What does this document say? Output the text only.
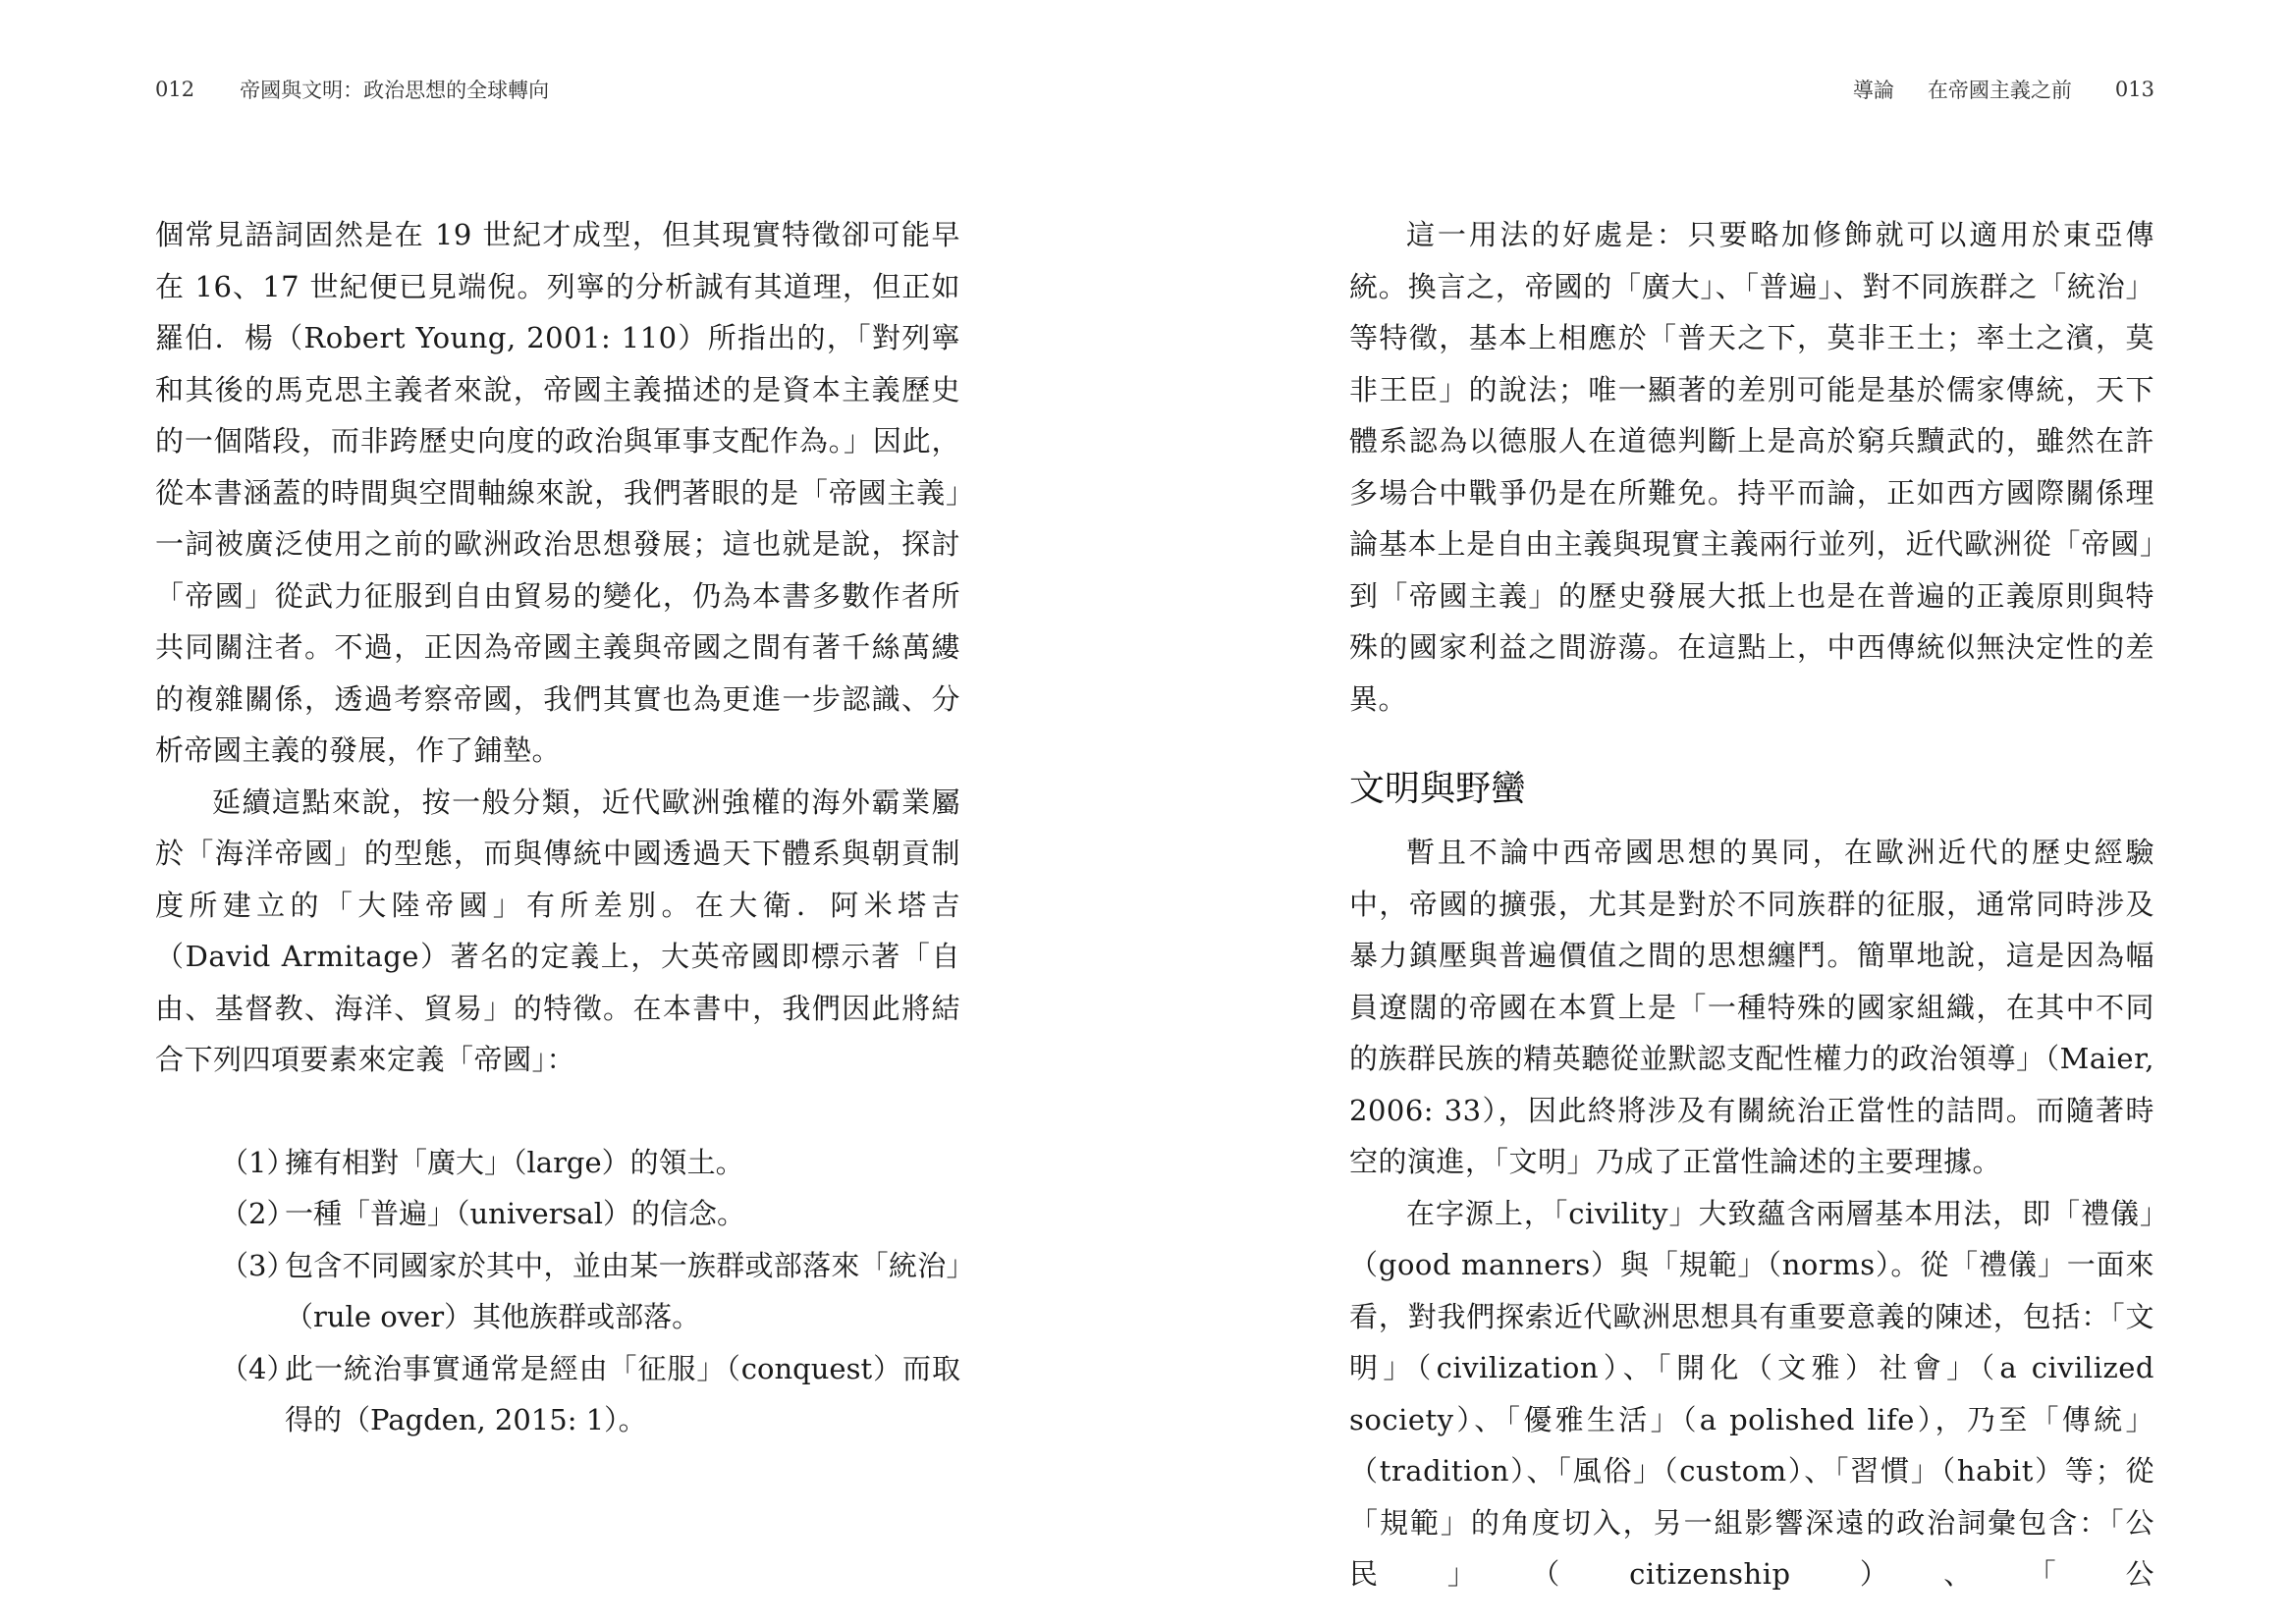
012 帝國與文明：政治思想的全球轉向

個常見語詞固然是在 19 世紀才成型，但其現實特徵卻可能早在 16、17 世紀便已見端倪。列寧的分析誠有其道理，但正如羅伯．楊（Robert Young, 2001: 110）所指出的，「對列寧和其後的馬克思主義者來說，帝國主義描述的是資本主義歷史的一個階段，而非跨歷史向度的政治與軍事支配作為。」因此，從本書涵蓋的時間與空間軸線來說，我們著眼的是「帝國主義」一詞被廣泛使用之前的歐洲政治思想發展；這也就是說，探討「帝國」從武力征服到自由貿易的變化，仍為本書多數作者所共同關注者。不過，正因為帝國主義與帝國之間有著千絲萬縷的複雜關係，透過考察帝國，我們其實也為更進一步認識、分析帝國主義的發展，作了鋪墊。

延續這點來說，按一般分類，近代歐洲強權的海外霸業屬於「海洋帝國」的型態，而與傳統中國透過天下體系與朝貢制度所建立的「大陸帝國」有所差別。在大衛．阿米塔吉（David Armitage）著名的定義上，大英帝國即標示著「自由、基督教、海洋、貿易」的特徵。在本書中，我們因此將結合下列四項要素來定義「帝國」：

（1）
擁有相對「廣大」（large）的領土。
（2）
一種「普遍」（universal）的信念。
（3）
包含不同國家於其中，並由某一族群或部落來「統治」（rule over）其他族群或部落。
（4）
此一統治事實通常是經由「征服」（conquest）而取得的（Pagden, 2015: 1）。
導論 在帝國主義之前 013

這一用法的好處是：只要略加修飾就可以適用於東亞傳統。換言之，帝國的「廣大」、「普遍」、對不同族群之「統治」等特徵，基本上相應於「普天之下，莫非王土；率土之濱，莫非王臣」的說法；唯一顯著的差別可能是基於儒家傳統，天下體系認為以德服人在道德判斷上是高於窮兵黷武的，雖然在許多場合中戰爭仍是在所難免。持平而論，正如西方國際關係理論基本上是自由主義與現實主義兩行並列，近代歐洲從「帝國」到「帝國主義」的歷史發展大抵上也是在普遍的正義原則與特殊的國家利益之間游蕩。在這點上，中西傳統似無決定性的差異。

文明與野蠻

暫且不論中西帝國思想的異同，在歐洲近代的歷史經驗中，帝國的擴張，尤其是對於不同族群的征服，通常同時涉及暴力鎮壓與普遍價值之間的思想纏鬥。簡單地說，這是因為幅員遼闊的帝國在本質上是「一種特殊的國家組織，在其中不同的族群民族的精英聽從並默認支配性權力的政治領導」（Maier, 2006: 33），因此終將涉及有關統治正當性的詰問。而隨著時空的演進，「文明」乃成了正當性論述的主要理據。

在字源上，「civility」大致蘊含兩層基本用法，即「禮儀」（good manners）與「規範」（norms）。從「禮儀」一面來看，對我們探索近代歐洲思想具有重要意義的陳述，包括：「文明」（civilization）、「開化（文雅）社會」（a civilized society）、「優雅生活」（a polished life），乃至「傳統」（tradition）、「風俗」（custom）、「習慣」（habit）等；從「規範」的角度切入，另一組影響深遠的政治詞彙包含：「公民」（citizenship）、「公
